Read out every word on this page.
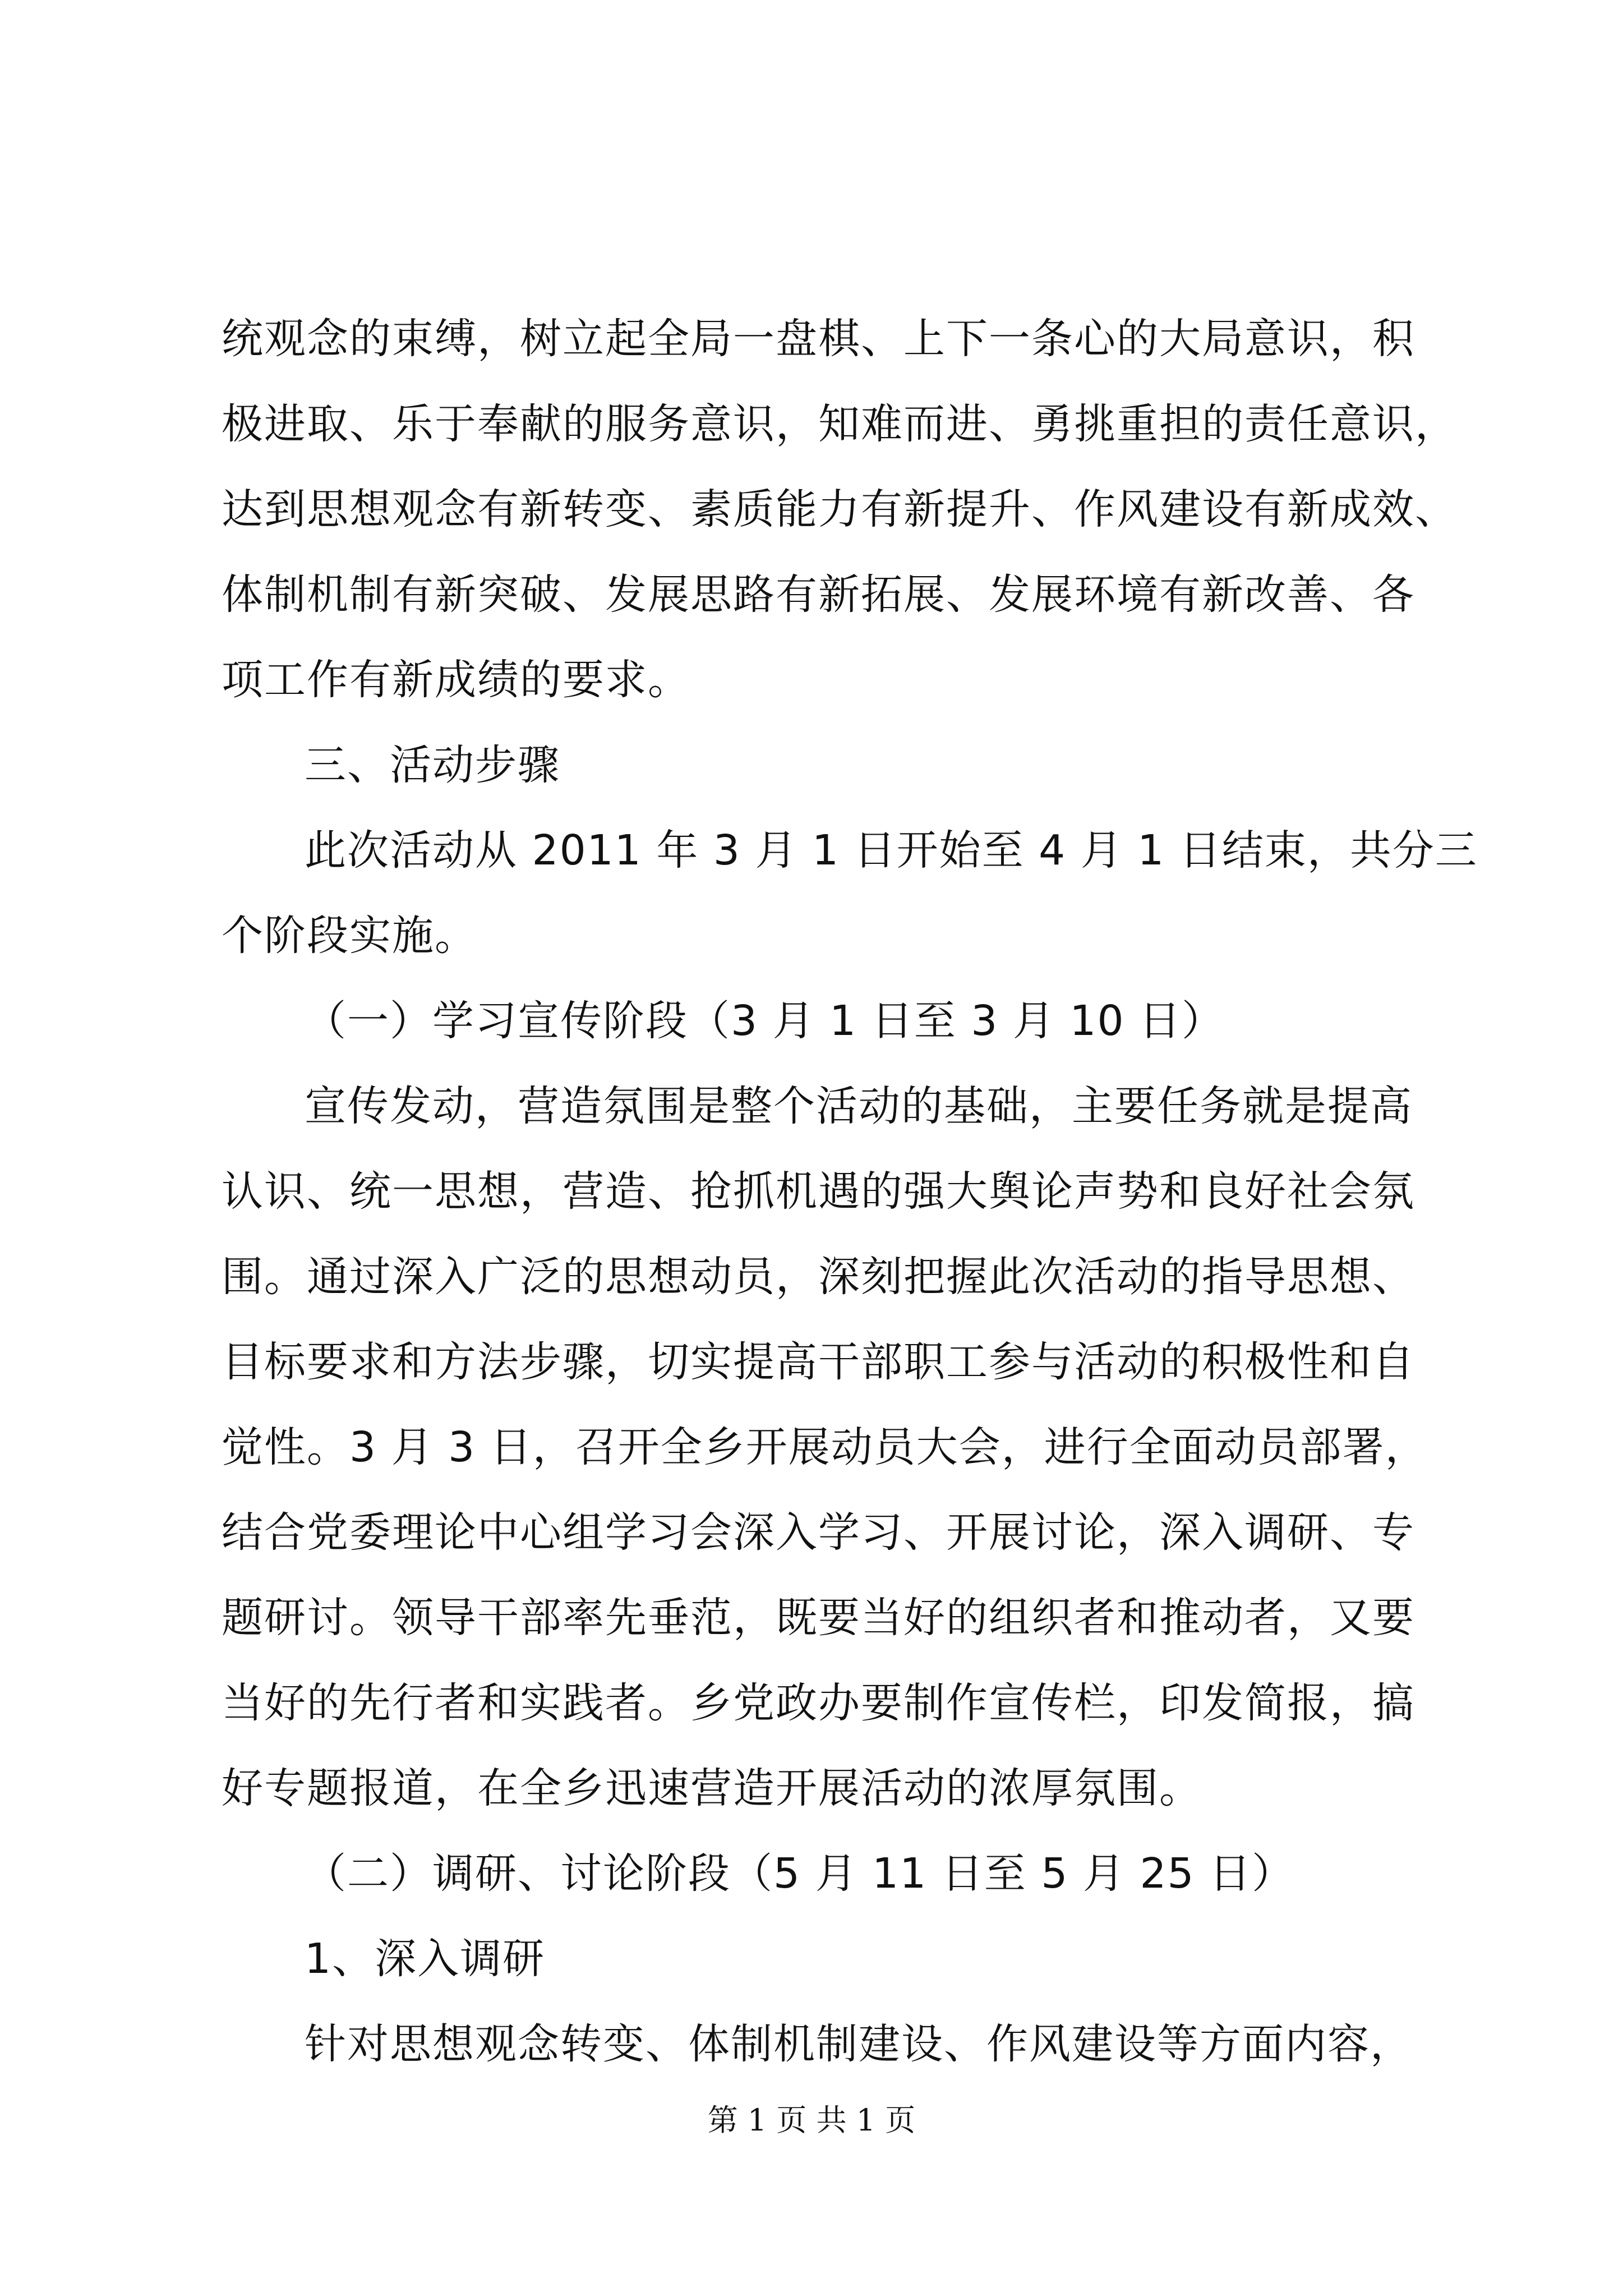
统观念的束缚，树立起全局一盘棋、上下一条心的大局意识，积
极进取、乐于奉献的服务意识，知难而进、勇挑重担的责任意识，
达到思想观念有新转变、素质能力有新提升、作风建设有新成效、
体制机制有新突破、发展思路有新拓展、发展环境有新改善、各
项工作有新成绩的要求。
三、活动步骤
此次活动从 2011 年 3 月 1 日开始至 4 月 1 日结束，共分三
个阶段实施。
（一）学习宣传阶段（3 月 1 日至 3 月 10 日）
宣传发动，营造氛围是整个活动的基础，主要任务就是提高
认识、统一思想，营造、抢抓机遇的强大舆论声势和良好社会氛
围。通过深入广泛的思想动员，深刻把握此次活动的指导思想、
目标要求和方法步骤，切实提高干部职工参与活动的积极性和自
觉性。3 月 3 日，召开全乡开展动员大会，进行全面动员部署，
结合党委理论中心组学习会深入学习、开展讨论，深入调研、专
题研讨。领导干部率先垂范，既要当好的组织者和推动者，又要
当好的先行者和实践者。乡党政办要制作宣传栏，印发简报，搞
好专题报道，在全乡迅速营造开展活动的浓厚氛围。
（二）调研、讨论阶段（5 月 11 日至 5 月 25 日）
1、深入调研
针对思想观念转变、体制机制建设、作风建设等方面内容，
第 1 页 共 1 页
